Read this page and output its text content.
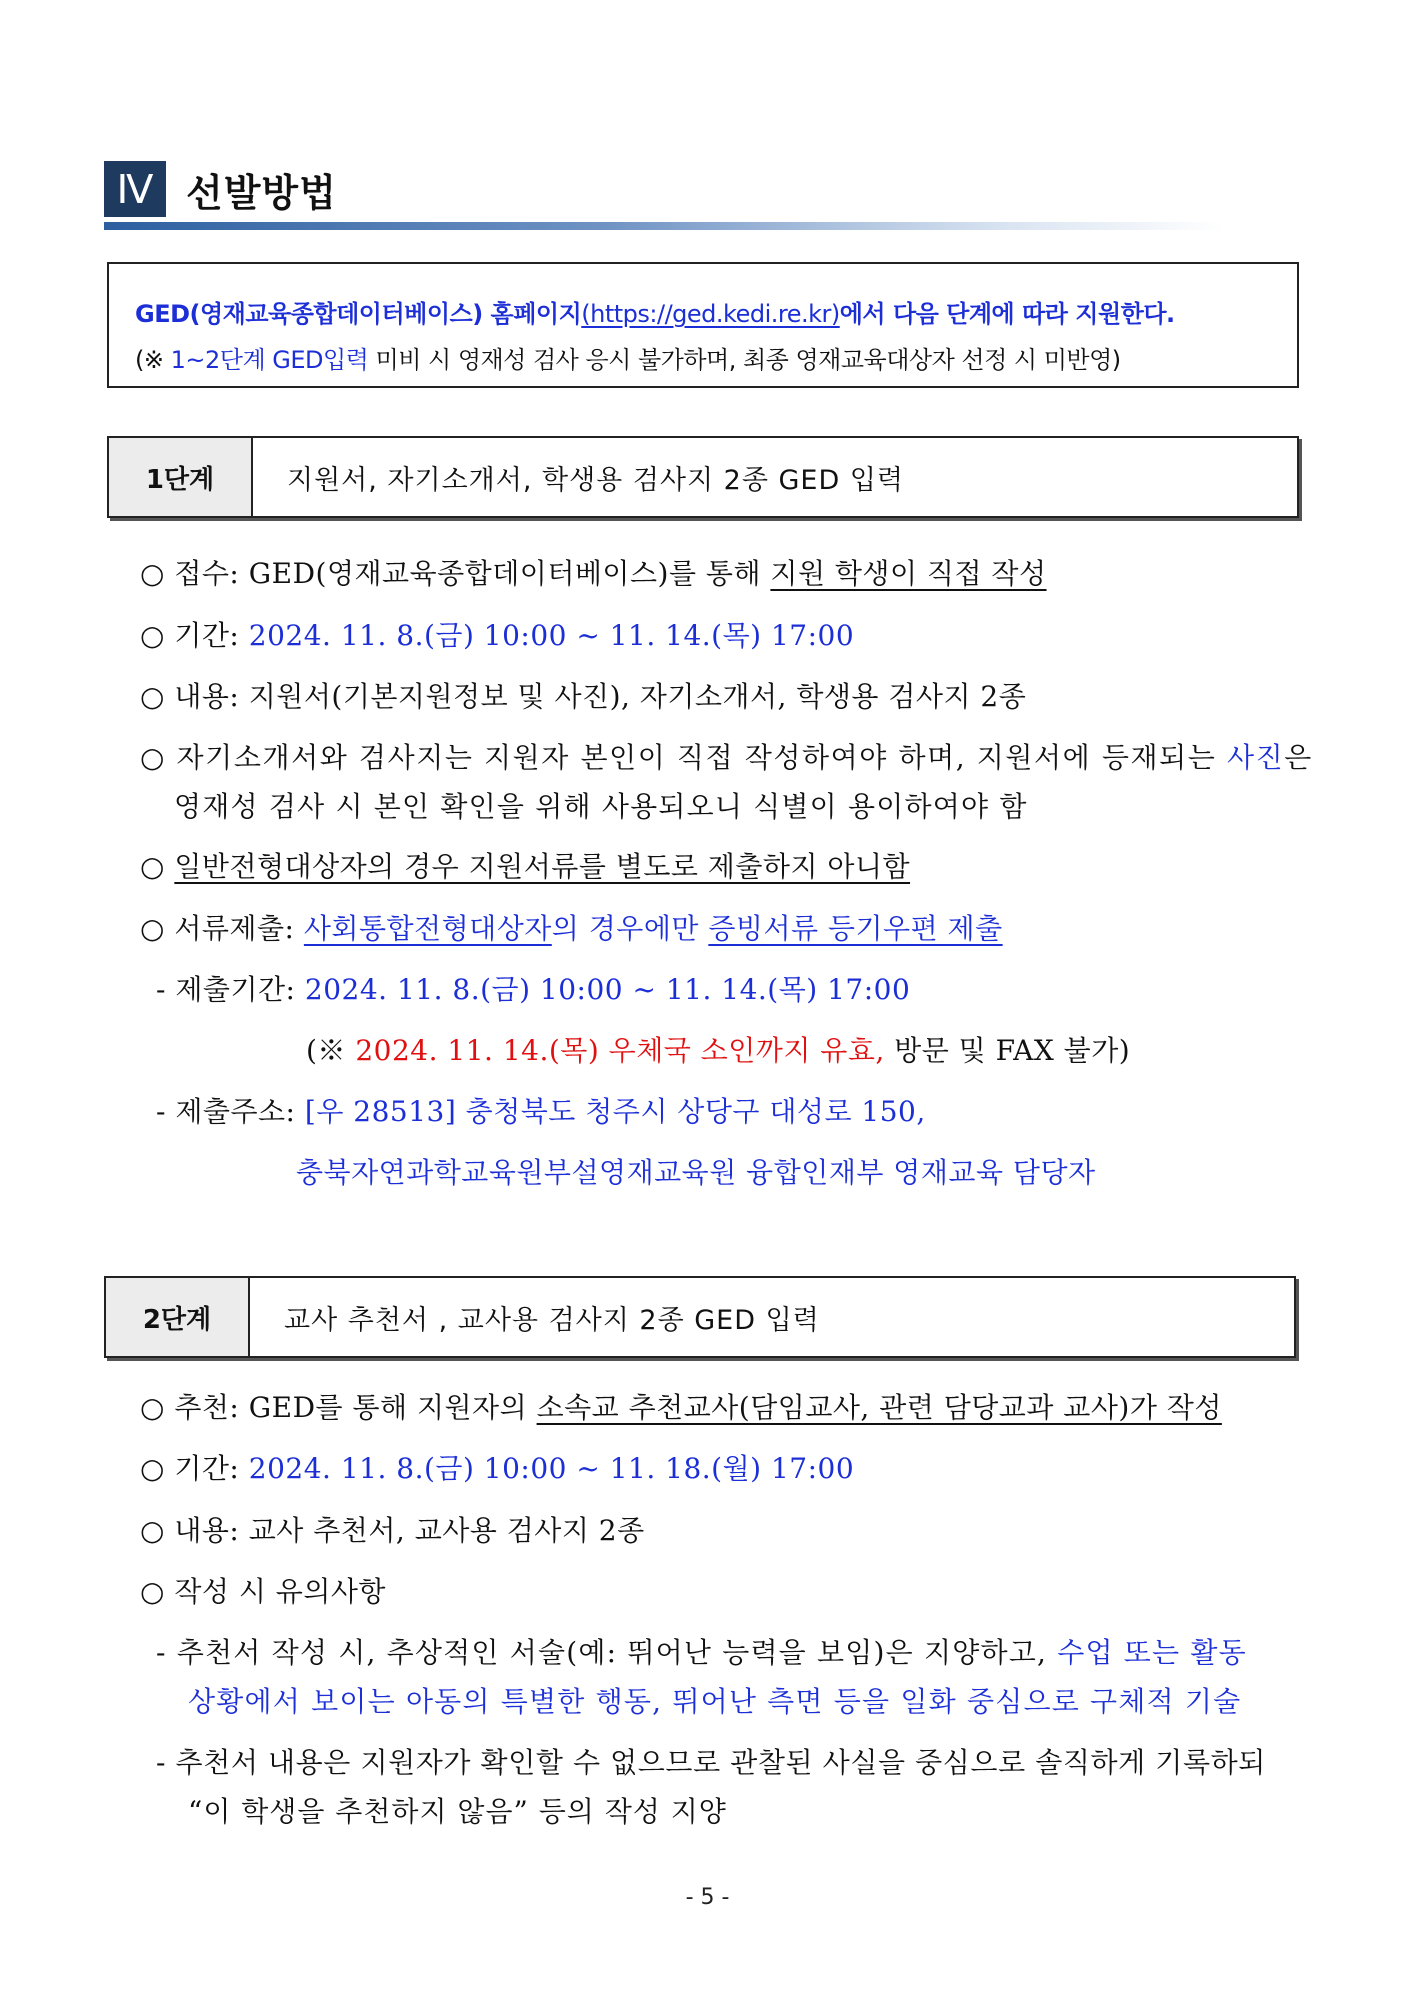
Ⅳ 선발방법
GED(영재교육종합데이터베이스) 홈페이지(https://ged.kedi.re.kr)에서 다음 단계에 따라 지원한다.
(※ 1~2단계 GED입력 미비 시 영재성 검사 응시 불가하며, 최종 영재교육대상자 선정 시 미반영)
1단계	지원서, 자기소개서, 학생용 검사지 2종 GED 입력
○ 접수: GED(영재교육종합데이터베이스)를 통해 지원 학생이 직접 작성
○ 기간: 2024. 11. 8.(금) 10:00 ~ 11. 14.(목) 17:00
○ 내용: 지원서(기본지원정보 및 사진), 자기소개서, 학생용 검사지 2종
○ 자기소개서와 검사지는 지원자 본인이 직접 작성하여야 하며, 지원서에 등재되는 사진은
영재성 검사 시 본인 확인을 위해 사용되오니 식별이 용이하여야 함
○ 일반전형대상자의 경우 지원서류를 별도로 제출하지 아니함
○ 서류제출: 사회통합전형대상자의 경우에만 증빙서류 등기우편 제출
- 제출기간: 2024. 11. 8.(금) 10:00 ~ 11. 14.(목) 17:00
(※ 2024. 11. 14.(목) 우체국 소인까지 유효, 방문 및 FAX 불가)
- 제출주소: [우 28513] 충청북도 청주시 상당구 대성로 150,
충북자연과학교육원부설영재교육원 융합인재부 영재교육 담당자
2단계	교사 추천서 , 교사용 검사지 2종 GED 입력
○ 추천: GED를 통해 지원자의 소속교 추천교사(담임교사, 관련 담당교과 교사)가 작성
○ 기간: 2024. 11. 8.(금) 10:00 ~ 11. 18.(월) 17:00
○ 내용: 교사 추천서, 교사용 검사지 2종
○ 작성 시 유의사항
- 추천서 작성 시, 추상적인 서술(예: 뛰어난 능력을 보임)은 지양하고, 수업 또는 활동
상황에서 보이는 아동의 특별한 행동, 뛰어난 측면 등을 일화 중심으로 구체적 기술
- 추천서 내용은 지원자가 확인할 수 없으므로 관찰된 사실을 중심으로 솔직하게 기록하되
“이 학생을 추천하지 않음” 등의 작성 지양
- 5 -
